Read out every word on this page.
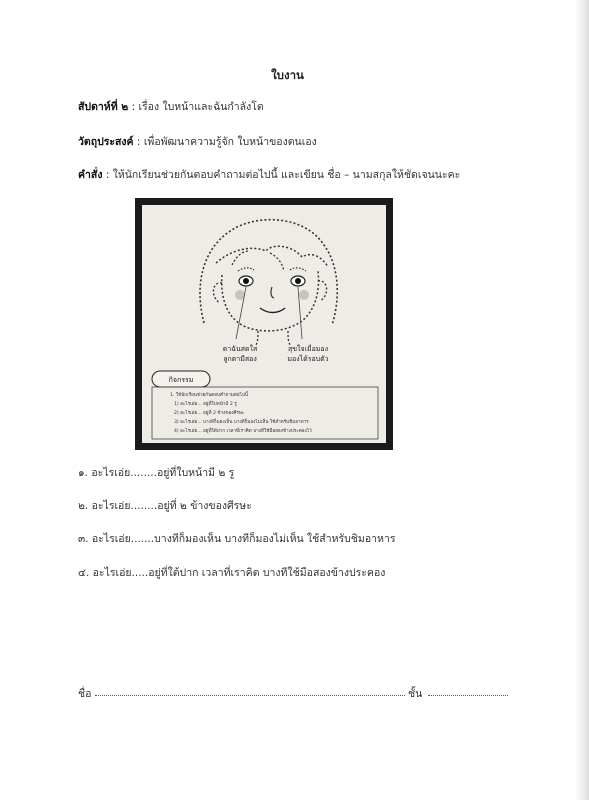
ใบงาน
สัปดาห์ที่ ๒ : เรื่อง ใบหน้าและฉันกำลังโต
วัตถุประสงค์ : เพื่อพัฒนาความรู้จัก ใบหน้าของตนเอง
คำสั่ง : ให้นักเรียนช่วยกันตอบคำถามต่อไปนี้ และเขียน ชื่อ – นามสกุลให้ชัดเจนนะคะ
ตาฉันสดใส
ลูกตามีสอง
สุขใจเมื่อมอง
มองได้รอบตัว
กิจกรรม
1. ให้นักเรียนช่วยกันตอบคำถามต่อไปนี้
1) อะไรเอ่ย... อยู่ที่ใบหน้ามี 2 รู
2) อะไรเอ่ย... อยู่ที่ 2 ข้างของศีรษะ
3) อะไรเอ่ย... บางทีก็มองเห็น บางทีก็มองไม่เห็น ใช้สำหรับชิมอาหาร
4) อะไรเอ่ย... อยู่ที่ใต้ปาก เวลาที่เราคิด บางทีใช้มือสองข้างประคองไว้
๑. อะไรเอ่ย........อยู่ที่ใบหน้ามี ๒ รู
๒. อะไรเอ่ย........อยู่ที่ ๒ ข้างของศีรษะ
๓. อะไรเอ่ย.......บางทีก็มองเห็น บางทีก็มองไม่เห็น ใช้สำหรับชิมอาหาร
๔. อะไรเอ่ย.....อยู่ที่ใต้ปาก เวลาที่เราคิด บางทีใช้มือสองข้างประคอง
ชื่อ	ชั้น
